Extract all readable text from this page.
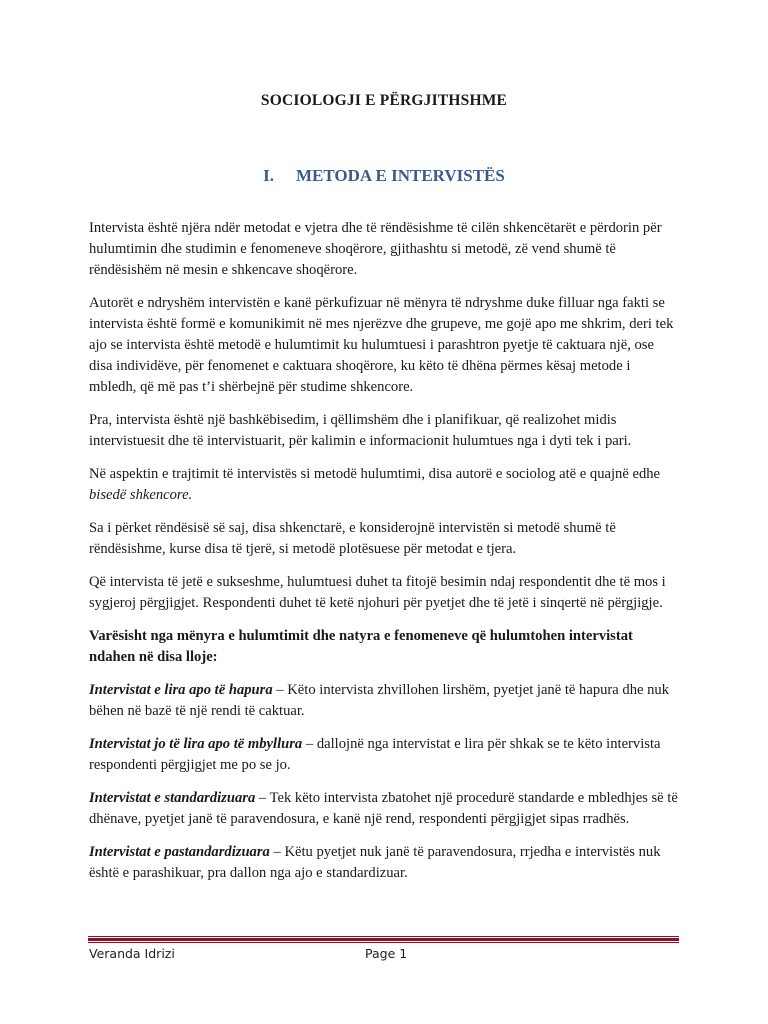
SOCIOLOGJI E PËRGJITHSHME
I. METODA E INTERVISTËS

Intervista është njëra ndër metodat e vjetra dhe të rëndësishme të cilën shkencëtarët e përdorin për hulumtimin dhe studimin e fenomeneve shoqërore, gjithashtu si metodë, zë vend shumë të rëndësishëm në mesin e shkencave shoqërore.

Autorët e ndryshëm intervistën e kanë përkufizuar në mënyra të ndryshme duke filluar nga fakti se intervista është formë e komunikimit në mes njerëzve dhe grupeve, me gojë apo me shkrim, deri tek ajo se intervista është metodë e hulumtimit ku hulumtuesi i parashtron pyetje të caktuara një, ose disa individëve, për fenomenet e caktuara shoqërore, ku këto të dhëna përmes kësaj metode i mbledh, që më pas t’i shërbejnë për studime shkencore.

Pra, intervista është një bashkëbisedim, i qëllimshëm dhe i planifikuar, që realizohet midis intervistuesit dhe të intervistuarit, për kalimin e informacionit hulumtues nga i dyti tek i pari.

Në aspektin e trajtimit të intervistës si metodë hulumtimi, disa autorë e sociolog atë e quajnë edhe bisedë shkencore.

Sa i përket rëndësisë së saj, disa shkenctarë, e konsiderojnë intervistën si metodë shumë të rëndësishme, kurse disa të tjerë, si metodë plotësuese për metodat e tjera.

Që intervista të jetë e sukseshme, hulumtuesi duhet ta fitojë besimin ndaj respondentit dhe të mos i sygjeroj përgjigjet. Respondenti duhet të ketë njohuri për pyetjet dhe të jetë i sinqertë në përgjigje.

Varësisht nga mënyra e hulumtimit dhe natyra e fenomeneve që hulumtohen intervistat ndahen në disa lloje:

Intervistat e lira apo të hapura – Këto intervista zhvillohen lirshëm, pyetjet janë të hapura dhe nuk bëhen në bazë të një rendi të caktuar.

Intervistat jo të lira apo të mbyllura – dallojnë nga intervistat e lira për shkak se te këto intervista respondenti përgjigjet me po se jo.

Intervistat e standardizuara – Tek këto intervista zbatohet një procedurë standarde e mbledhjes së të dhënave, pyetjet janë të paravendosura, e kanë një rend, respondenti përgjigjet sipas rradhës.

Intervistat e pastandardizuara – Këtu pyetjet nuk janë të paravendosura, rrjedha e intervistës nuk është e parashikuar, pra dallon nga ajo e standardizuar.

Veranda Idrizi	Page 1
